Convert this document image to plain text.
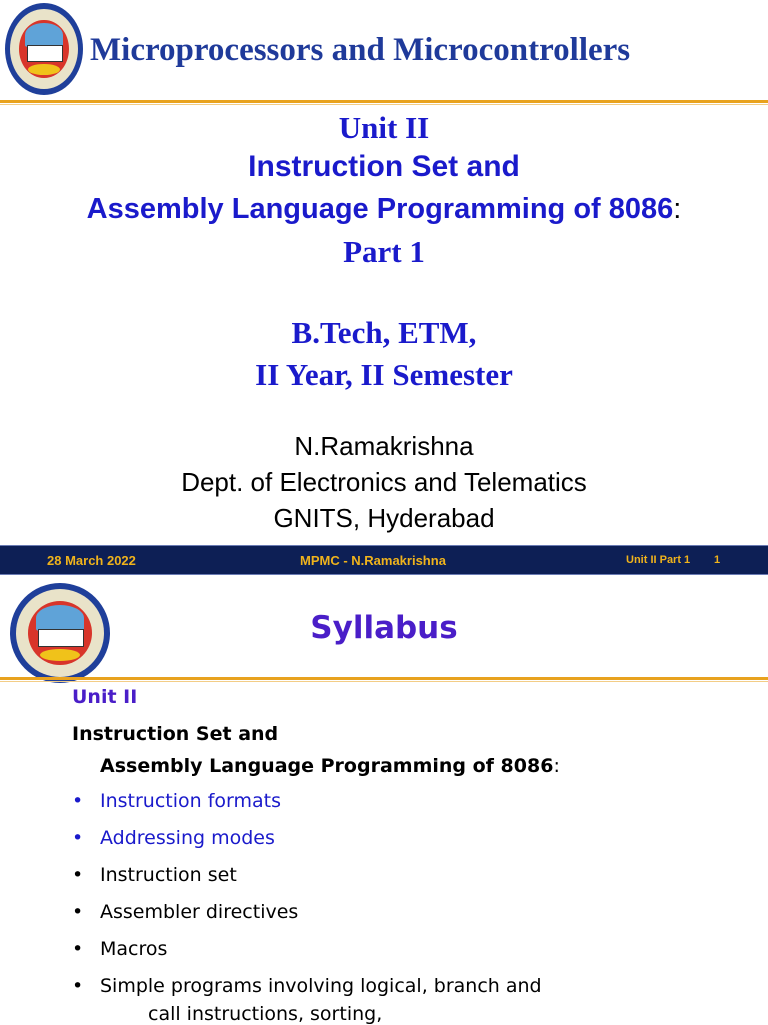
Microprocessors and Microcontrollers
Unit II
Instruction Set and
Assembly Language Programming of 8086:
Part 1
B.Tech, ETM,
II Year, II Semester
N.Ramakrishna
Dept. of Electronics and Telematics
GNITS, Hyderabad
28 March 2022	MPMC - N.Ramakrishna	Unit II Part 1 1
Syllabus
Unit II
Instruction Set and
Assembly Language Programming of 8086:
• Instruction formats
• Addressing modes
• Instruction set
• Assembler directives
• Macros
• Simple programs involving logical, branch and
call instructions, sorting,
